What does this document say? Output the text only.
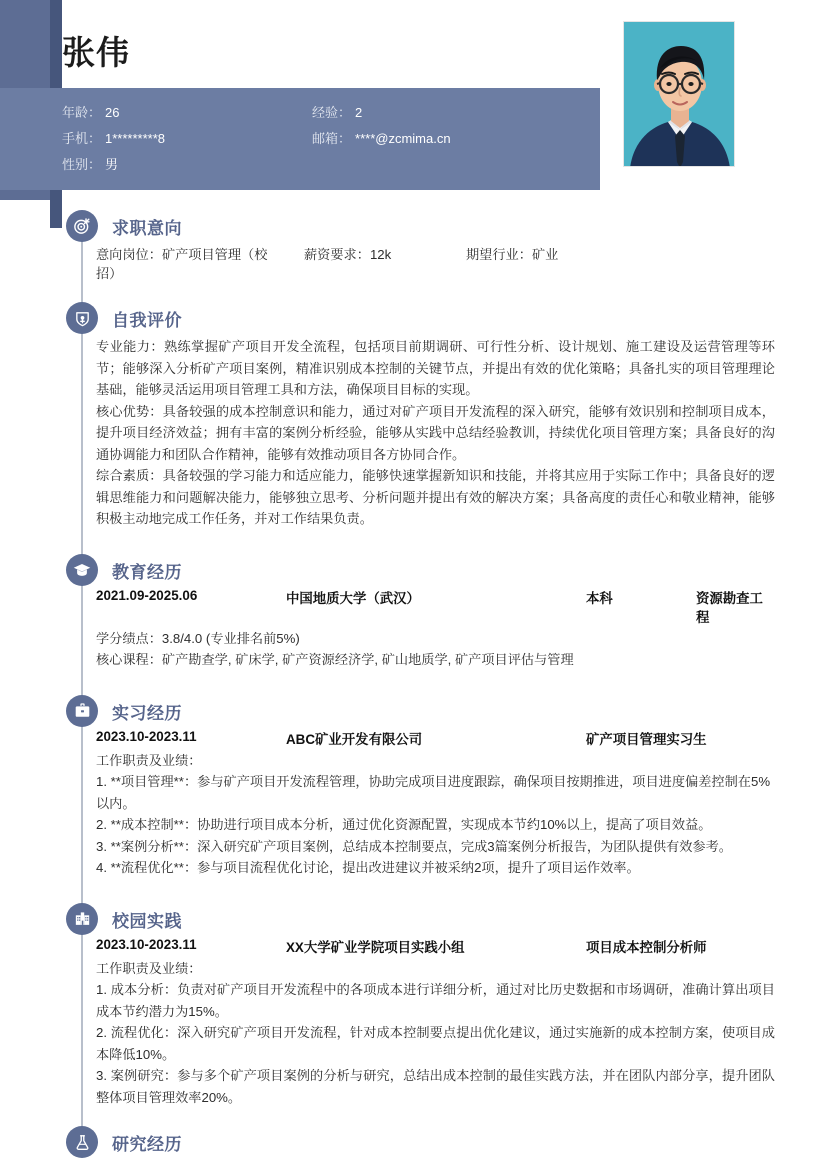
张伟
年龄： 26	经验： 2
手机： 1*********8	邮箱： ****@zcmima.cn
性别： 男
求职意向
意向岗位：矿产项目管理（校招）
薪资要求：12k	期望行业：矿业
自我评价

专业能力：熟练掌握矿产项目开发全流程，包括项目前期调研、可行性分析、设计规划、施工建设及运营管理等环节；能够深入分析矿产项目案例，精准识别成本控制的关键节点，并提出有效的优化策略；具备扎实的项目管理理论基础，能够灵活运用项目管理工具和方法，确保项目目标的实现。

核心优势：具备较强的成本控制意识和能力，通过对矿产项目开发流程的深入研究，能够有效识别和控制项目成本，提升项目经济效益；拥有丰富的案例分析经验，能够从实践中总结经验教训，持续优化项目管理方案；具备良好的沟通协调能力和团队合作精神，能够有效推动项目各方协同合作。

综合素质：具备较强的学习能力和适应能力，能够快速掌握新知识和技能，并将其应用于实际工作中；具备良好的逻辑思维能力和问题解决能力，能够独立思考、分析问题并提出有效的解决方案；具备高度的责任心和敬业精神，能够积极主动地完成工作任务，并对工作结果负责。

教育经历
2021.09-2025.06	中国地质大学（武汉）	本科	资源勘查工程
学分绩点：3.8/4.0 (专业排名前5%)
核心课程：矿产勘查学, 矿床学, 矿产资源经济学, 矿山地质学, 矿产项目评估与管理
实习经历
2023.10-2023.11	ABC矿业开发有限公司	矿产项目管理实习生
工作职责及业绩：
1. **项目管理**：参与矿产项目开发流程管理，协助完成项目进度跟踪，确保项目按期推进，项目进度偏差控制在5%以内。
2. **成本控制**：协助进行项目成本分析，通过优化资源配置，实现成本节约10%以上，提高了项目效益。
3. **案例分析**：深入研究矿产项目案例，总结成本控制要点，完成3篇案例分析报告，为团队提供有效参考。
4. **流程优化**：参与项目流程优化讨论，提出改进建议并被采纳2项，提升了项目运作效率。
校园实践
2023.10-2023.11	XX大学矿业学院项目实践小组	项目成本控制分析师
工作职责及业绩：
1. 成本分析：负责对矿产项目开发流程中的各项成本进行详细分析，通过对比历史数据和市场调研，准确计算出项目成本节约潜力为15%。
2. 流程优化：深入研究矿产项目开发流程，针对成本控制要点提出优化建议，通过实施新的成本控制方案，使项目成本降低10%。
3. 案例研究：参与多个矿产项目案例的分析与研究，总结出成本控制的最佳实践方法，并在团队内部分享，提升团队整体项目管理效率20%。
研究经历
